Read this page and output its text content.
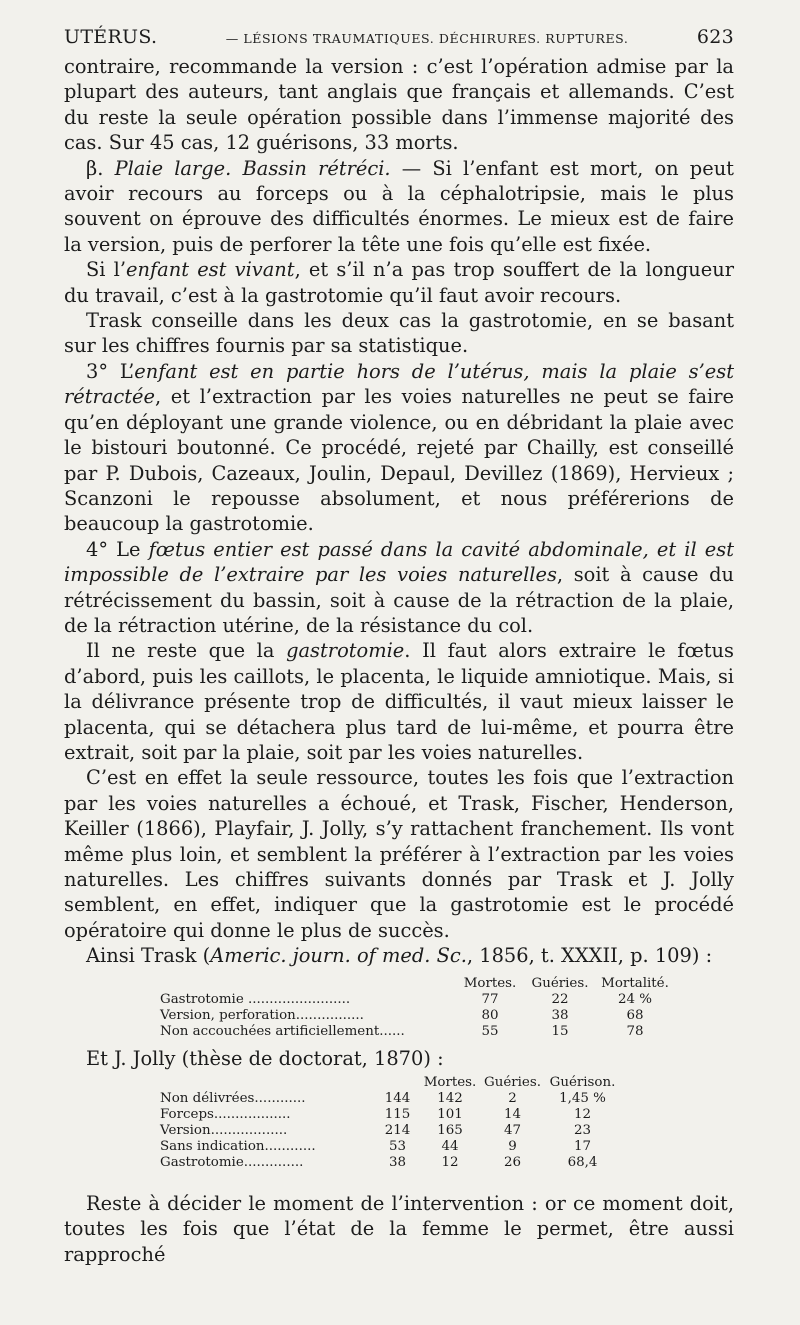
UTÉRUS.	— LÉSIONS TRAUMATIQUES. DÉCHIRURES. RUPTURES.	623

contraire, recommande la version : c’est l’opération admise par la plupart des auteurs, tant anglais que français et allemands. C’est du reste la seule opération possible dans l’immense majorité des cas. Sur 45 cas, 12 guérisons, 33 morts.

β. Plaie large. Bassin rétréci. — Si l’enfant est mort, on peut avoir recours au forceps ou à la céphalotripsie, mais le plus souvent on éprouve des difficultés énormes. Le mieux est de faire la version, puis de perforer la tête une fois qu’elle est fixée.

Si l’enfant est vivant, et s’il n’a pas trop souffert de la longueur du travail, c’est à la gastrotomie qu’il faut avoir recours.

Trask conseille dans les deux cas la gastrotomie, en se basant sur les chiffres fournis par sa statistique.

3° L’enfant est en partie hors de l’utérus, mais la plaie s’est rétractée, et l’extraction par les voies naturelles ne peut se faire qu’en déployant une grande violence, ou en débridant la plaie avec le bistouri boutonné. Ce procédé, rejeté par Chailly, est conseillé par P. Dubois, Cazeaux, Joulin, Depaul, Devillez (1869), Hervieux ; Scanzoni le repousse absolument, et nous préférerions de beaucoup la gastrotomie.

4° Le fœtus entier est passé dans la cavité abdominale, et il est impossible de l’extraire par les voies naturelles, soit à cause du rétrécissement du bassin, soit à cause de la rétraction de la plaie, de la rétraction utérine, de la résistance du col.

Il ne reste que la gastrotomie. Il faut alors extraire le fœtus d’abord, puis les caillots, le placenta, le liquide amniotique. Mais, si la délivrance présente trop de difficultés, il vaut mieux laisser le placenta, qui se détachera plus tard de lui-même, et pourra être extrait, soit par la plaie, soit par les voies naturelles.

C’est en effet la seule ressource, toutes les fois que l’extraction par les voies naturelles a échoué, et Trask, Fischer, Henderson, Keiller (1866), Playfair, J. Jolly, s’y rattachent franchement. Ils vont même plus loin, et semblent la préférer à l’extraction par les voies naturelles. Les chiffres suivants donnés par Trask et J. Jolly semblent, en effet, indiquer que la gastrotomie est le procédé opératoire qui donne le plus de succès.

Ainsi Trask (Americ. journ. of med. Sc., 1856, t. XXXII, p. 109) :

	Mortes.	Guéries.	Mortalité.
Gastrotomie ........................	77	22	24 %
Version, perforation................	80	38	68
Non accouchées artificiellement......	55	15	78

Et J. Jolly (thèse de doctorat, 1870) :

		Mortes.	Guéries.	Guérison.
Non délivrées............	144	142	2	1,45 %
Forceps..................	115	101	14	12
Version..................	214	165	47	23
Sans indication............	53	44	9	17
Gastrotomie..............	38	12	26	68,4

Reste à décider le moment de l’intervention : or ce moment doit, toutes les fois que l’état de la femme le permet, être aussi rapproché
